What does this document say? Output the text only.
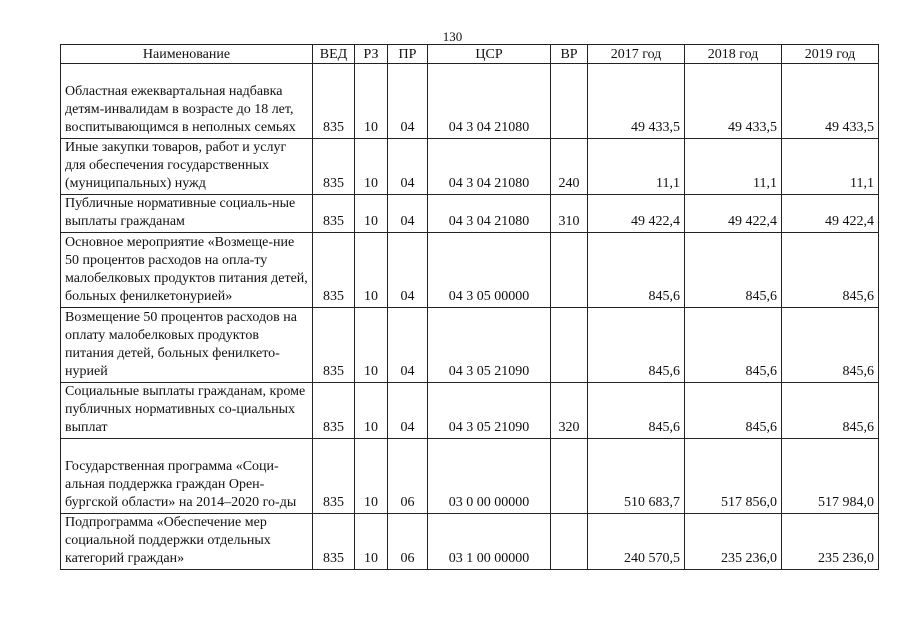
130
Наименование	ВЕД	РЗ	ПР	ЦСР	ВР	2017 год	2018 год	2019 год
Областная ежеквартальная надбавка детям-инвалидам в возрасте до 18 лет, воспитывающимся в неполных семьях	835	10	04	04 3 04 21080		49 433,5	49 433,5	49 433,5
Иные закупки товаров, работ и услуг для обеспечения государственных (муниципальных) нужд	835	10	04	04 3 04 21080	240	11,1	11,1	11,1
Публичные нормативные социаль-ные выплаты гражданам	835	10	04	04 3 04 21080	310	49 422,4	49 422,4	49 422,4
Основное мероприятие «Возмеще-ние 50 процентов расходов на опла-ту малобелковых продуктов питания детей, больных фенилкетонурией»	835	10	04	04 3 05 00000		845,6	845,6	845,6
Возмещение 50 процентов расходов на оплату малобелковых продуктов питания детей, больных фенилкето-нурией	835	10	04	04 3 05 21090		845,6	845,6	845,6
Социальные выплаты гражданам, кроме публичных нормативных со-циальных выплат	835	10	04	04 3 05 21090	320	845,6	845,6	845,6
Государственная программа «Соци-альная поддержка граждан Орен-бургской области» на 2014–2020 го-ды	835	10	06	03 0 00 00000		510 683,7	517 856,0	517 984,0
Подпрограмма «Обеспечение мер социальной поддержки отдельных категорий граждан»	835	10	06	03 1 00 00000		240 570,5	235 236,0	235 236,0
